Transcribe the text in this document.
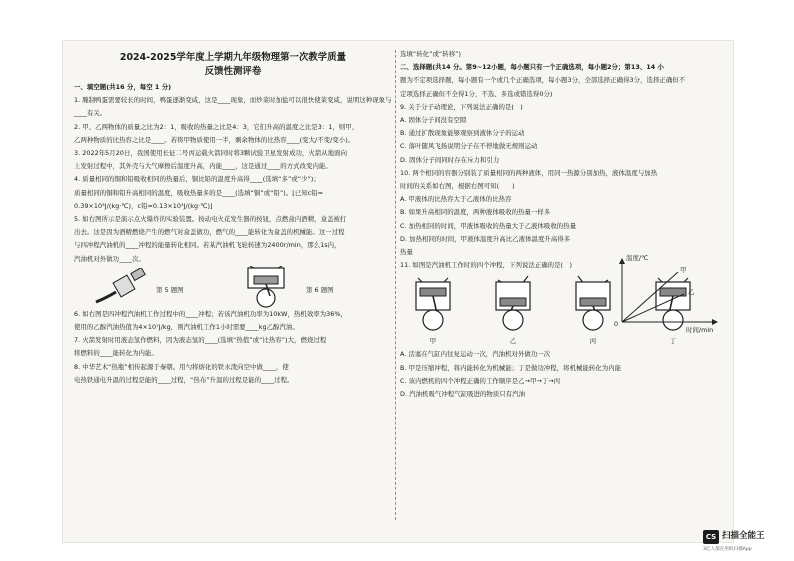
2024-2025学年度上学期九年级物理第一次教学质量
反馈性测评卷

一、填空题(共16 分，每空 1 分)

1. 腌制鸭蛋需要较长的时间，鸭蛋逐渐变咸，这是____现象，而炒菜时加盐可以很快使菜变咸，说明这种现象与____有关。

2. 甲、乙两物体的质量之比为2：1，吸收的热量之比是4：3，它们升高的温度之比是3：1，则甲、

乙两种物质的比热容之比是____。若将甲物质使用一半，剩余物体的比热容____(变大/不变/变小)。

3. 2022年5月20日，我国使用长征二号丙运载火箭同时将3颗试验卫星发射成功，火箭从地面向

上发射过程中，其外壳与大气摩擦后温度升高，内能____，这是通过____的方式改变内能。

4. 质量相同的铜和铅吸收相同的热量后，铜比铅的温度升高得____(选填“多”或“少”)；

质量相同的铜和铅升高相同的温度，吸收热量多的是____(选填“铜”或“铅”)。[已知c铅=

0.39×10³J/(kg·℃)，c铅=0.13×10³J/(kg·℃)]

5. 如右图所示是演示点火爆炸的实验装置。按动电火花发生器的按钮，点燃盒内酒精，盒盖被打

出去。这是因为酒精燃烧产生的燃气对盒盖做功，燃气的____能转化为盒盖的机械能。这一过程

与四冲程汽油机的____冲程的能量转化相同。若某汽油机飞轮转速为2400r/min，那么1s内，

汽油机对外做功____次。

第 5 题图	第 6 题图

6. 如右图是四冲程汽油机工作过程中的____冲程；若该汽油机功率为10kW，热机效率为36%，

使用的乙醇汽油热值为4×10⁷J/kg，则汽油机工作1小时需要____kg乙醇汽油。

7. 火箭发射时用液态氢作燃料，因为液态氢的____(选填“热值”或“比热容”)大，燃烧过程

将燃料的____能转化为内能。

8. 中华艺术“热瓶”相传起源于秦朝。用勺将熔化的铁水泼向空中做____，使

电热铁通电升温的过程是能的____过程，“热布”升温的过程是能的____过程。

选填“转化”或“转移”)

二、选择题(共14 分。第9~12小题，每小题只有一个正确选项，每小题2分；第13、14 小

题为不定项选择题，每小题有一个或几个正确选项，每小题3分，全部选择正确得3分，选择正确但不

定项选择正确但不全得1分，不选、多选或错选得0分)

9. 关于分子动理论，下列说法正确的是(　)

A. 固体分子间没有空隙

B. 通过扩散现象能够观察到液体分子的运动

C. 落叶随风飞扬说明分子在不停地做无规则运动

D. 固体分子间同时存在斥力和引力

10. 两个相同的容器分别装了质量相同的两种液体，用同一热源分别加热，液体温度与加热

时间的关系如右图，根据右图可知(　　)

A. 甲液体的比热容大于乙液体的比热容

B. 如果升高相同的温度，两种液体吸收的热量一样多

C. 加热相同的时间，甲液体吸收的热量大于乙液体吸收的热量

D. 加热相同的时间，甲液体温度升高比乙液体温度升高得多

热量

11. 如图是汽油机工作时的四个冲程，下列说法正确的是(　)

甲	乙	丙	丁

A. 活塞在气缸内往复运动一次，汽油机对外做功一次

B. 甲是压缩冲程，将内能转化为机械能；丁是做功冲程，将机械能转化为内能

C. 该内燃机的四个冲程正确的工作顺序是乙→甲→丁→丙

D. 汽油机吸气冲程气缸吸进的物质只有汽油

温度/℃
时间/min
甲
乙
0
CS 扫描全能王
3亿人都在用的扫描App
